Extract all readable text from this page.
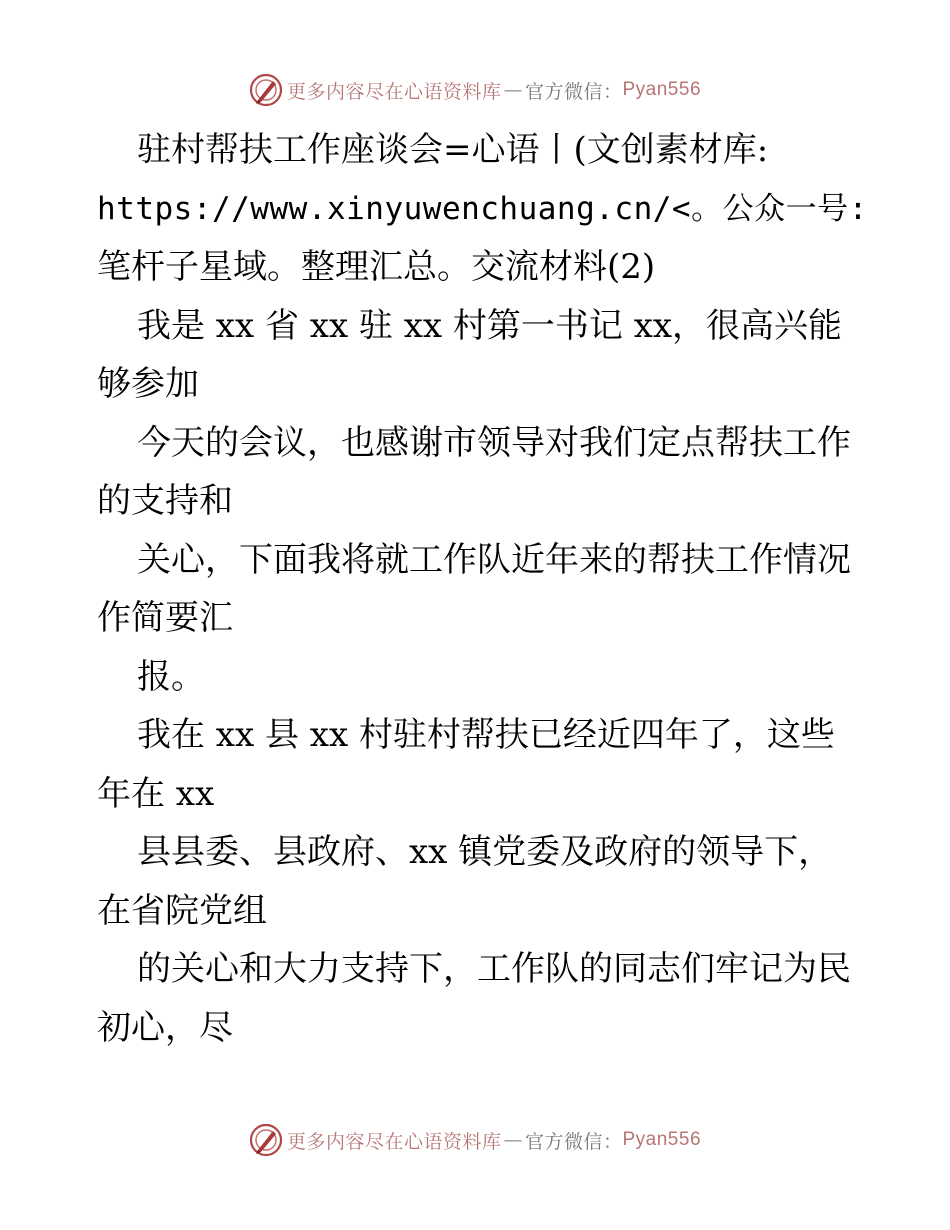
更多内容尽在心语资料库 — 官方微信： Pyan556
驻村帮扶工作座谈会=心语丨(文创素材库:
https://www.xinyuwenchuang.cn/<。公众一号:
笔杆子星域。整理汇总。交流材料(2)
我是 xx 省 xx 驻 xx 村第一书记 xx，很高兴能
够参加
今天的会议，也感谢市领导对我们定点帮扶工作
的支持和
关心，下面我将就工作队近年来的帮扶工作情况
作简要汇
报。
我在 xx 县 xx 村驻村帮扶已经近四年了，这些
年在 xx
县县委、县政府、xx 镇党委及政府的领导下，
在省院党组
的关心和大力支持下，工作队的同志们牢记为民
初心，尽
更多内容尽在心语资料库 — 官方微信： Pyan556
